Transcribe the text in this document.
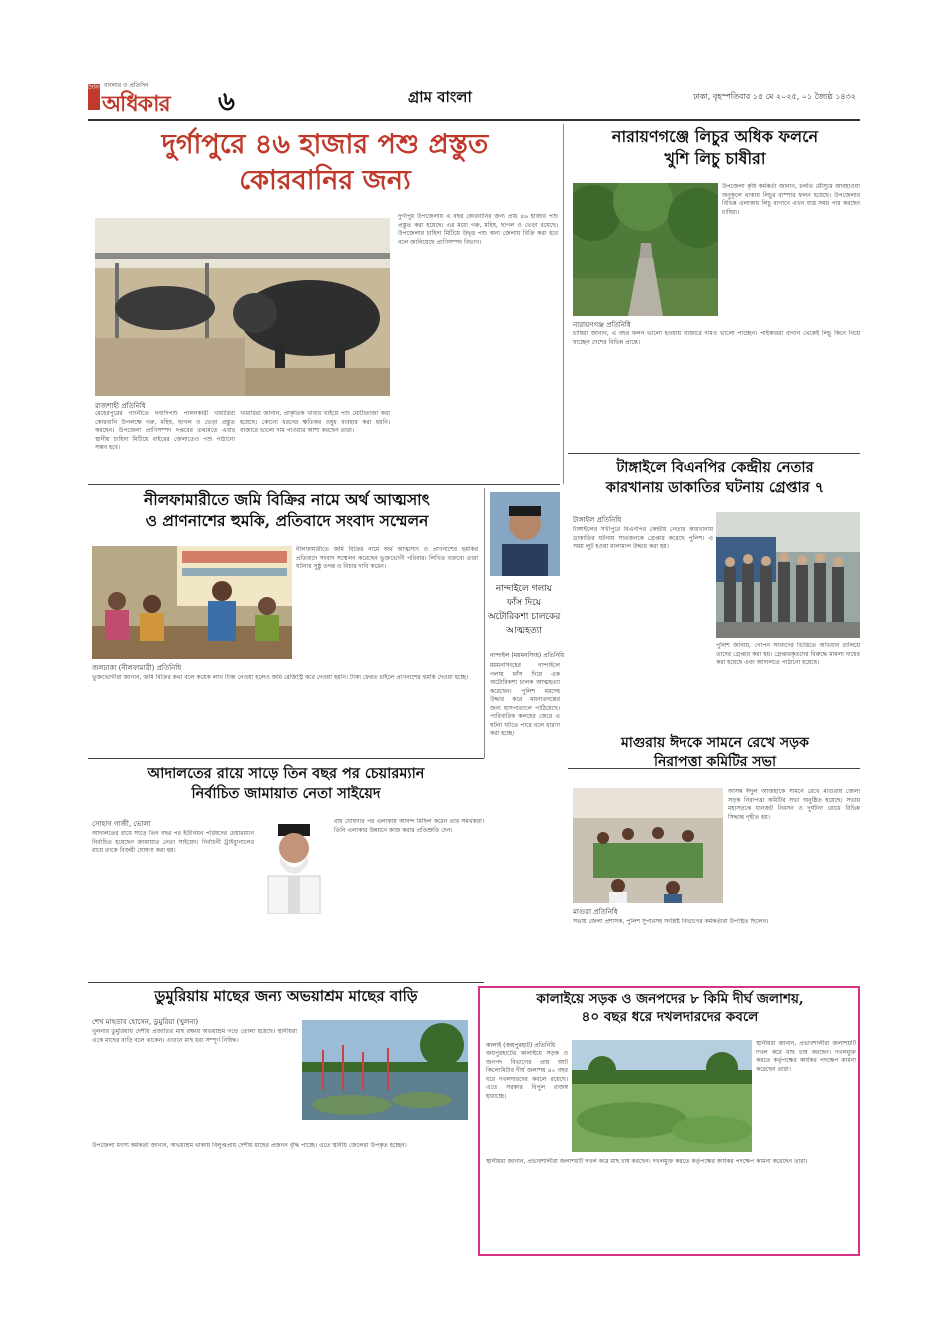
দৈনিক বাংলার ও প্রতিদিন
অধিকার ৬	গ্রাম বাংলা	ঢাকা, বৃহস্পতিবার ১৫ মে ২০২৫, ০১ জ্যৈষ্ঠ ১৪৩২
দুর্গাপুরে ৪৬ হাজার পশু প্রস্তুত
কোরবানির জন্য
রাজশাহী প্রতিনিধি
মেহেরপুরের গাংনীতে গবাদিপশু পালনকারী খামারিরা কোরবানি উপলক্ষে গরু, মহিষ, ছাগল ও ভেড়া প্রস্তুত করছেন। উপজেলা প্রাণিসম্পদ দপ্তরের তথ্যমতে এবার স্থানীয় চাহিদা মিটিয়ে বাইরের জেলাতেও পশু পাঠানো সম্ভব হবে।
খামারিরা জানান, প্রাকৃতিক খাবার খাইয়ে পশু মোটাতাজা করা হয়েছে। কোনো ধরনের ক্ষতিকর ওষুধ ব্যবহার করা হয়নি। বাজারে ভালো দাম পাওয়ার আশা করছেন তারা।
দুর্গাপুর উপজেলায় এ বছর কোরবানির জন্য প্রায় ৪৬ হাজার পশু প্রস্তুত করা হয়েছে। এর মধ্যে গরু, মহিষ, ছাগল ও ভেড়া রয়েছে। উপজেলার চাহিদা মিটিয়ে উদ্বৃত্ত পশু অন্য জেলায় বিক্রি করা হবে বলে জানিয়েছে প্রাণিসম্পদ বিভাগ।
নারায়ণগঞ্জে লিচুর অধিক ফলনে
খুশি লিচু চাষীরা
নারায়ণগঞ্জ প্রতিনিধি
উপজেলা কৃষি কর্মকর্তা জানান, চলতি মৌসুমে আবহাওয়া অনুকূলে থাকায় লিচুর বাম্পার ফলন হয়েছে। উপজেলার বিভিন্ন এলাকায় লিচু বাগানে এখন ব্যস্ত সময় পার করছেন চাষিরা।
চাষিরা জানান, এ বছর ফলন ভালো হওয়ায় বাজারে দামও ভালো পাচ্ছেন। পাইকাররা বাগান থেকেই লিচু কিনে নিয়ে যাচ্ছেন দেশের বিভিন্ন প্রান্তে।
টাঙ্গাইলে বিএনপির কেন্দ্রীয় নেতার
কারখানায় ডাকাতির ঘটনায় গ্রেপ্তার ৭
টাঙ্গাইল প্রতিনিধি
টাঙ্গাইলের সখীপুরে বিএনপির কেন্দ্রীয় নেতার কারখানায় ডাকাতির ঘটনায় সাতজনকে গ্রেপ্তার করেছে পুলিশ। এ সময় লুট হওয়া মালামাল উদ্ধার করা হয়।
পুলিশ জানায়, গোপন সংবাদের ভিত্তিতে অভিযান চালিয়ে তাদের গ্রেপ্তার করা হয়। গ্রেপ্তারকৃতদের বিরুদ্ধে মামলা দায়ের করা হয়েছে এবং আদালতে পাঠানো হয়েছে।
নীলফামারীতে জমি বিক্রির নামে অর্থ আত্মসাৎ
ও প্রাণনাশের হুমকি, প্রতিবাদে সংবাদ সম্মেলন
জলঢাকা (নীলফামারী) প্রতিনিধি
নীলফামারীতে জমি বিক্রির নামে অর্থ আত্মসাৎ ও প্রাণনাশের হুমকির প্রতিবাদে সংবাদ সম্মেলন করেছেন ভুক্তভোগী পরিবার। লিখিত বক্তব্যে তারা ঘটনার সুষ্ঠু তদন্ত ও বিচার দাবি করেন।
ভুক্তভোগীরা জানান, জমি বিক্রির কথা বলে কয়েক লাখ টাকা নেওয়া হলেও জমি রেজিস্ট্রি করে দেওয়া হয়নি। টাকা ফেরত চাইলে প্রাণনাশের হুমকি দেওয়া হচ্ছে।
নান্দাইলে গলায়
ফাঁস দিয়ে
অটোরিকশা চালকের
আত্মহত্যা
নান্দাইল (ময়মনসিংহ) প্রতিনিধি
ময়মনসিংহের নান্দাইলে গলায় ফাঁস দিয়ে এক অটোরিকশা চালক আত্মহত্যা করেছেন। পুলিশ মরদেহ উদ্ধার করে ময়নাতদন্তের জন্য হাসপাতালে পাঠিয়েছে। পারিবারিক কলহের জেরে এ ঘটনা ঘটতে পারে বলে ধারণা করা হচ্ছে।
আদালতের রায়ে সাড়ে তিন বছর পর চেয়ারম্যান
নির্বাচিত জামায়াত নেতা সাইয়েদ
সোহাগ গাজী, ভোলা
আদালতের রায়ে সাড়ে তিন বছর পর ইউনিয়ন পরিষদের চেয়ারম্যান নির্বাচিত হয়েছেন জামায়াত নেতা সাইয়েদ। নির্বাচনী ট্রাইব্যুনালের রায়ে তাকে বিজয়ী ঘোষণা করা হয়।
রায় ঘোষণার পর এলাকায় আনন্দ মিছিল করেন তার সমর্থকরা। তিনি এলাকার উন্নয়নে কাজ করার প্রতিশ্রুতি দেন।
মাগুরায় ঈদকে সামনে রেখে সড়ক
নিরাপত্তা কমিটির সভা
মাগুরা প্রতিনিধি
আসন্ন ঈদুল আজহাকে সামনে রেখে মাগুরায় জেলা সড়ক নিরাপত্তা কমিটির সভা অনুষ্ঠিত হয়েছে। সভায় মহাসড়কে যানজট নিরসন ও দুর্ঘটনা রোধে বিভিন্ন সিদ্ধান্ত গৃহীত হয়।
সভায় জেলা প্রশাসক, পুলিশ সুপারসহ সংশ্লিষ্ট বিভাগের কর্মকর্তারা উপস্থিত ছিলেন।
ডুমুরিয়ায় মাছের জন্য অভয়াশ্রম মাছের বাড়ি
শেখ মাহতাব হোসেন, ডুমুরিয়া (খুলনা)
খুলনার ডুমুরিয়ায় দেশীয় প্রজাতির মাছ রক্ষায় অভয়াশ্রম গড়ে তোলা হয়েছে। স্থানীয়রা একে মাছের বাড়ি বলে থাকেন। এখানে মাছ ধরা সম্পূর্ণ নিষিদ্ধ।
উপজেলা মৎস্য কর্মকর্তা জানান, অভয়াশ্রম থাকায় বিলুপ্তপ্রায় দেশীয় মাছের প্রজনন বৃদ্ধি পাচ্ছে। এতে স্থানীয় জেলেরা উপকৃত হচ্ছেন।
কালাইয়ে সড়ক ও জনপদের ৮ কিমি দীর্ঘ জলাশয়,
৪০ বছর ধরে দখলদারদের কবলে
কালাই (জয়পুরহাট) প্রতিনিধি
জয়পুরহাটের কালাইয়ে সড়ক ও জনপদ বিভাগের প্রায় আট কিলোমিটার দীর্ঘ জলাশয় ৪০ বছর ধরে দখলদারদের কবলে রয়েছে। এতে সরকার বিপুল রাজস্ব হারাচ্ছে।
স্থানীয়রা জানান, প্রভাবশালীরা জলাশয়টি দখল করে মাছ চাষ করছেন। দখলমুক্ত করতে কর্তৃপক্ষের কার্যকর পদক্ষেপ কামনা করেছেন তারা।
স্থানীয়রা জানান, প্রভাবশালীরা জলাশয়টি দখল করে মাছ চাষ করছেন। দখলমুক্ত করতে কর্তৃপক্ষের কার্যকর পদক্ষেপ কামনা করেছেন তারা।
